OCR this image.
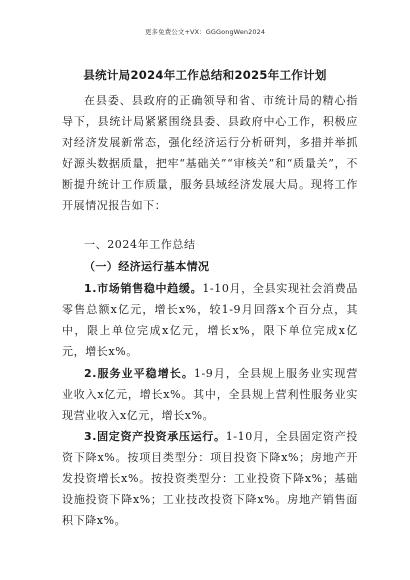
更多免费公文+VX：GGGongWen2024
县统计局2024年工作总结和2025年工作计划
在县委、县政府的正确领导和省、市统计局的精心指导下，县统计局紧紧围绕县委、县政府中心工作，积极应对经济发展新常态，强化经济运行分析研判，多措并举抓好源头数据质量，把牢“基础关”“审核关”和“质量关”，不断提升统计工作质量，服务县域经济发展大局。现将工作开展情况报告如下：
一、2024年工作总结
（一）经济运行基本情况
1.市场销售稳中趋缓。1-10月，全县实现社会消费品零售总额x亿元，增长x%，较1-9月回落x个百分点，其中，限上单位完成x亿元，增长x%，限下单位完成x亿元，增长x%。
2.服务业平稳增长。1-9月，全县规上服务业实现营业收入x亿元，增长x%。其中，全县规上营利性服务业实现营业收入x亿元，增长x%。
3.固定资产投资承压运行。1-10月，全县固定资产投资下降x%。按项目类型分：项目投资下降x%；房地产开发投资增长x%。按投资类型分：工业投资下降x%；基础设施投资下降x%；工业技改投资下降x%。房地产销售面积下降x%。
